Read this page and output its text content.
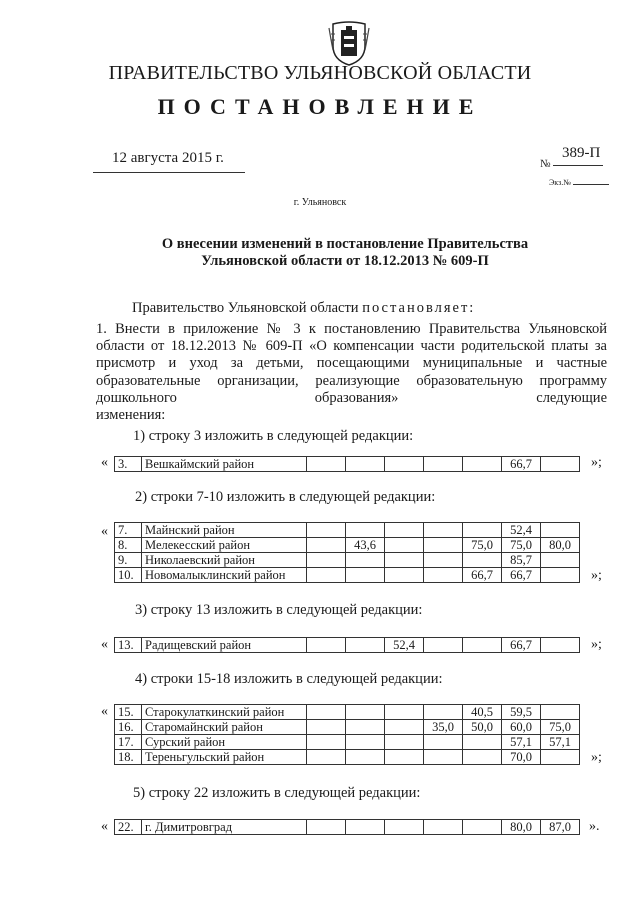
ПРАВИТЕЛЬСТВО УЛЬЯНОВСКОЙ ОБЛАСТИ
ПОСТАНОВЛЕНИЕ
12 августа 2015 г.	389-П
№
Экз.№
г. Ульяновск
О внесении изменений в постановление Правительства
Ульяновской области от 18.12.2013 № 609-П
Правительство Ульяновской области постановляет:
1. Внести в приложение № 3 к постановлению Правительства Ульяновской области от 18.12.2013 № 609-П «О компенсации части родительской платы за присмотр и уход за детьми, посещающими муниципальные и частные образовательные организации, реализующие образовательную программу дошкольного образования» следующие
изменения:
1) строку 3 изложить в следующей редакции:
« 3.	Вешкаймский район						66,7		»;
2) строки 7-10 изложить в следующей редакции:
« 7.	Майнский район						52,4	
8.	Мелекесский район		43,6			75,0	75,0	80,0
9.	Николаевский район						85,7	
10.	Новомалыклинский район					66,7	66,7		»;
3) строку 13 изложить в следующей редакции:
« 13.	Радищевский район			52,4			66,7		»;
4) строки 15-18 изложить в следующей редакции:
« 15.	Старокулаткинский район					40,5	59,5	
16.	Старомайнский район				35,0	50,0	60,0	75,0
17.	Сурский район						57,1	57,1
18.	Тереньгульский район						70,0		»;
5) строку 22 изложить в следующей редакции:
« 22.	г. Димитровград						80,0	87,0 ».
